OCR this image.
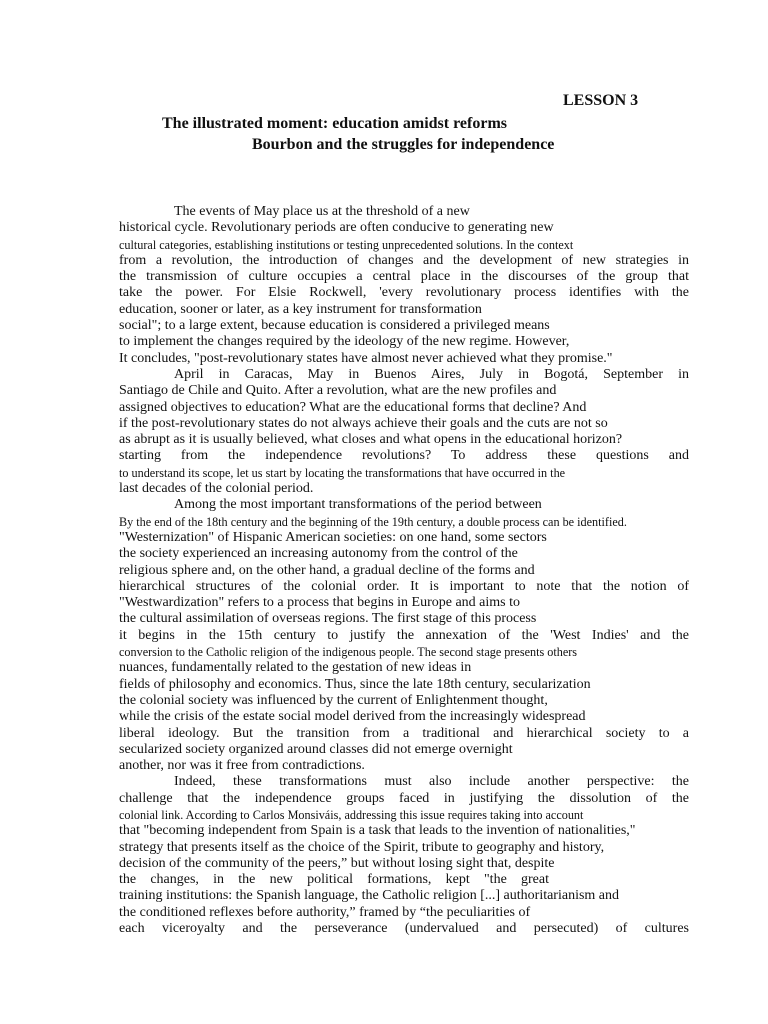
LESSON 3
The illustrated moment: education amidst reforms
Bourbon and the struggles for independence
The events of May place us at the threshold of a new
historical cycle. Revolutionary periods are often conducive to generating new
cultural categories, establishing institutions or testing unprecedented solutions. In the context
from a revolution, the introduction of changes and the development of new strategies in
the transmission of culture occupies a central place in the discourses of the group that
take the power. For Elsie Rockwell, 'every revolutionary process identifies with the
education, sooner or later, as a key instrument for transformation
social"; to a large extent, because education is considered a privileged means
to implement the changes required by the ideology of the new regime. However,
It concludes, "post-revolutionary states have almost never achieved what they promise."
April in Caracas, May in Buenos Aires, July in Bogotá, September in
Santiago de Chile and Quito. After a revolution, what are the new profiles and
assigned objectives to education? What are the educational forms that decline? And
if the post-revolutionary states do not always achieve their goals and the cuts are not so
as abrupt as it is usually believed, what closes and what opens in the educational horizon?
starting from the independence revolutions? To address these questions and
to understand its scope, let us start by locating the transformations that have occurred in the
last decades of the colonial period.
Among the most important transformations of the period between
By the end of the 18th century and the beginning of the 19th century, a double process can be identified.
"Westernization" of Hispanic American societies: on one hand, some sectors
the society experienced an increasing autonomy from the control of the
religious sphere and, on the other hand, a gradual decline of the forms and
hierarchical structures of the colonial order. It is important to note that the notion of
"Westwardization" refers to a process that begins in Europe and aims to
the cultural assimilation of overseas regions. The first stage of this process
it begins in the 15th century to justify the annexation of the 'West Indies' and the
conversion to the Catholic religion of the indigenous people. The second stage presents others
nuances, fundamentally related to the gestation of new ideas in
fields of philosophy and economics. Thus, since the late 18th century, secularization
the colonial society was influenced by the current of Enlightenment thought,
while the crisis of the estate social model derived from the increasingly widespread
liberal ideology. But the transition from a traditional and hierarchical society to a
secularized society organized around classes did not emerge overnight
another, nor was it free from contradictions.
Indeed, these transformations must also include another perspective: the
challenge that the independence groups faced in justifying the dissolution of the
colonial link. According to Carlos Monsiváis, addressing this issue requires taking into account
that "becoming independent from Spain is a task that leads to the invention of nationalities,"
strategy that presents itself as the choice of the Spirit, tribute to geography and history,
decision of the community of the peers,” but without losing sight that, despite
the changes, in the new political formations, kept "the great
training institutions: the Spanish language, the Catholic religion [...] authoritarianism and
the conditioned reflexes before authority,” framed by “the peculiarities of
each viceroyalty and the perseverance (undervalued and persecuted) of cultures
